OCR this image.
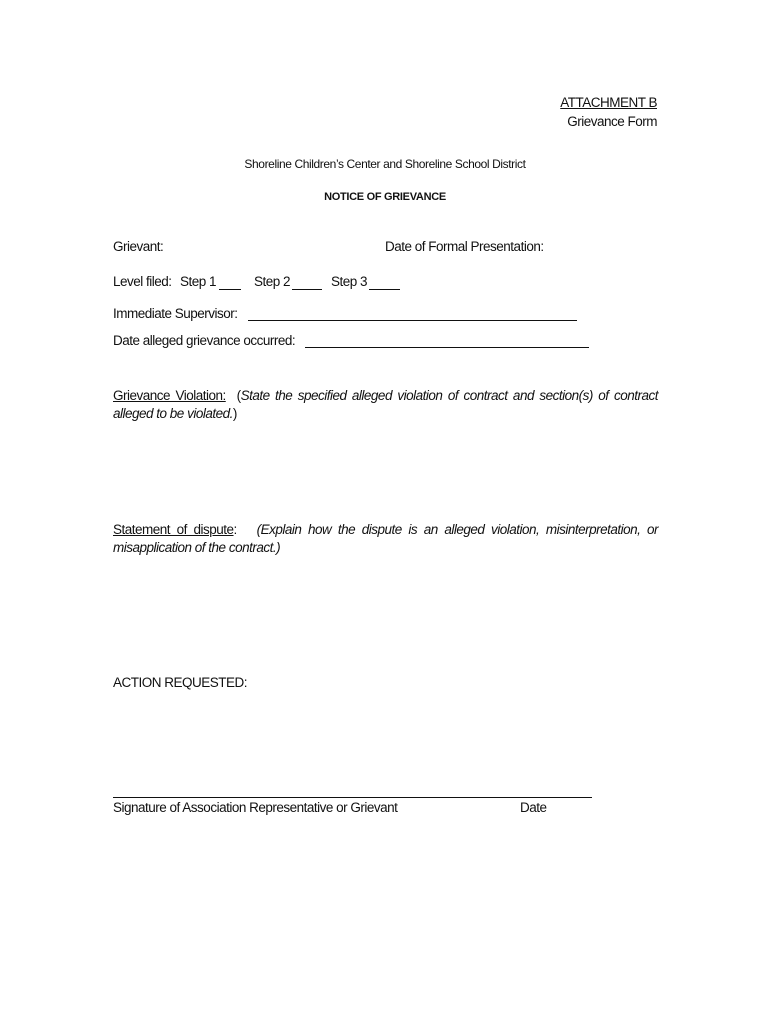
ATTACHMENT B
Grievance Form
Shoreline Children’s Center and Shoreline School District
NOTICE OF GRIEVANCE
Grievant:	Date of Formal Presentation:
Level filed: Step 1	Step 2	Step 3
Immediate Supervisor:
Date alleged grievance occurred:
Grievance Violation: (State the specified alleged violation of contract and section(s) of contract alleged to be violated.)
Statement of dispute: (Explain how the dispute is an alleged violation, misinterpretation, or misapplication of the contract.)
ACTION REQUESTED:
Signature of Association Representative or Grievant	Date
